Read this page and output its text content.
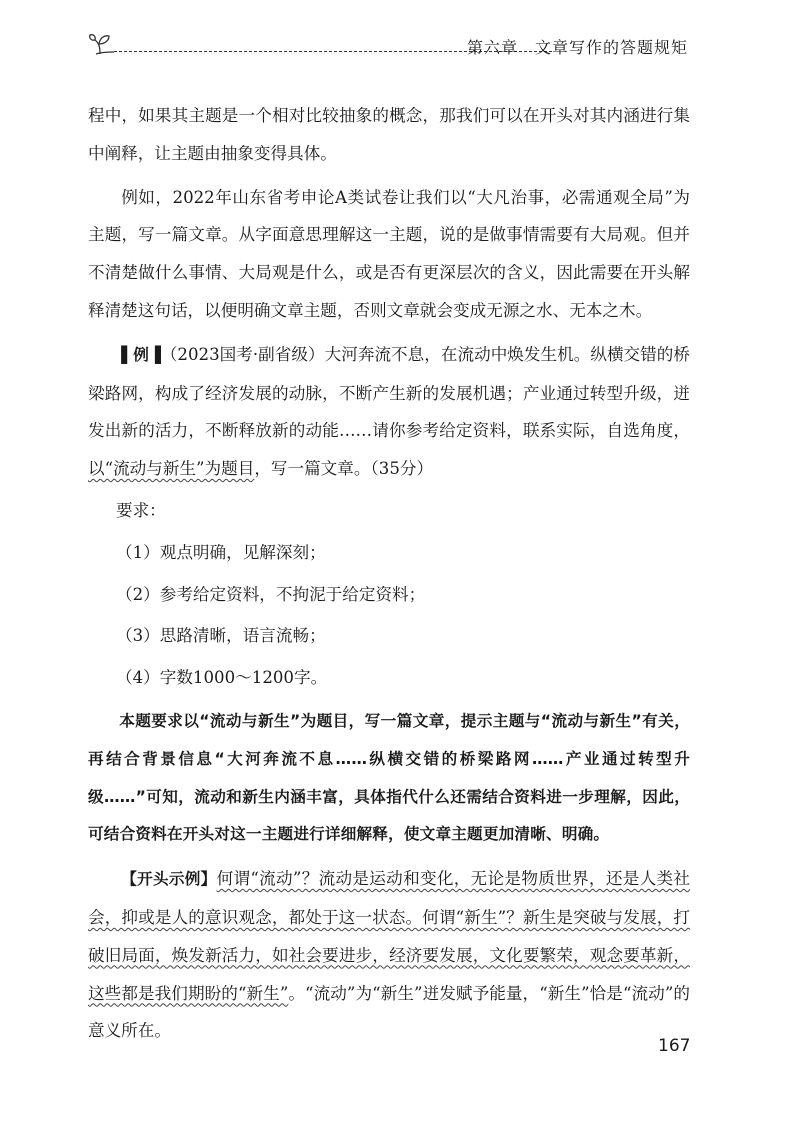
第六章　文章写作的答题规矩

程中，如果其主题是一个相对比较抽象的概念，那我们可以在开头对其内涵进行集中阐释，让主题由抽象变得具体。

例如，2022年山东省考申论A类试卷让我们以“大凡治事，必需通观全局”为主题，写一篇文章。从字面意思理解这一主题，说的是做事情需要有大局观。但并不清楚做什么事情、大局观是什么，或是否有更深层次的含义，因此需要在开头解释清楚这句话，以便明确文章主题，否则文章就会变成无源之水、无本之木。

▌例▐（2023国考·副省级）大河奔流不息，在流动中焕发生机。纵横交错的桥梁路网，构成了经济发展的动脉，不断产生新的发展机遇；产业通过转型升级，迸发出新的活力，不断释放新的动能……请你参考给定资料，联系实际，自选角度，以“流动与新生”为题目，写一篇文章。（35分）

要求：

（1）观点明确，见解深刻；

（2）参考给定资料，不拘泥于给定资料；

（3）思路清晰，语言流畅；

（4）字数1000～1200字。

本题要求以“流动与新生”为题目，写一篇文章，提示主题与“流动与新生”有关，再结合背景信息“大河奔流不息……纵横交错的桥梁路网……产业通过转型升级……”可知，流动和新生内涵丰富，具体指代什么还需结合资料进一步理解，因此，可结合资料在开头对这一主题进行详细解释，使文章主题更加清晰、明确。

【开头示例】何谓“流动”？流动是运动和变化，无论是物质世界，还是人类社会，抑或是人的意识观念，都处于这一状态。何谓“新生”？新生是突破与发展，打破旧局面，焕发新活力，如社会要进步，经济要发展，文化要繁荣，观念要革新，这些都是我们期盼的“新生”。“流动”为“新生”迸发赋予能量，“新生”恰是“流动”的意义所在。

167
